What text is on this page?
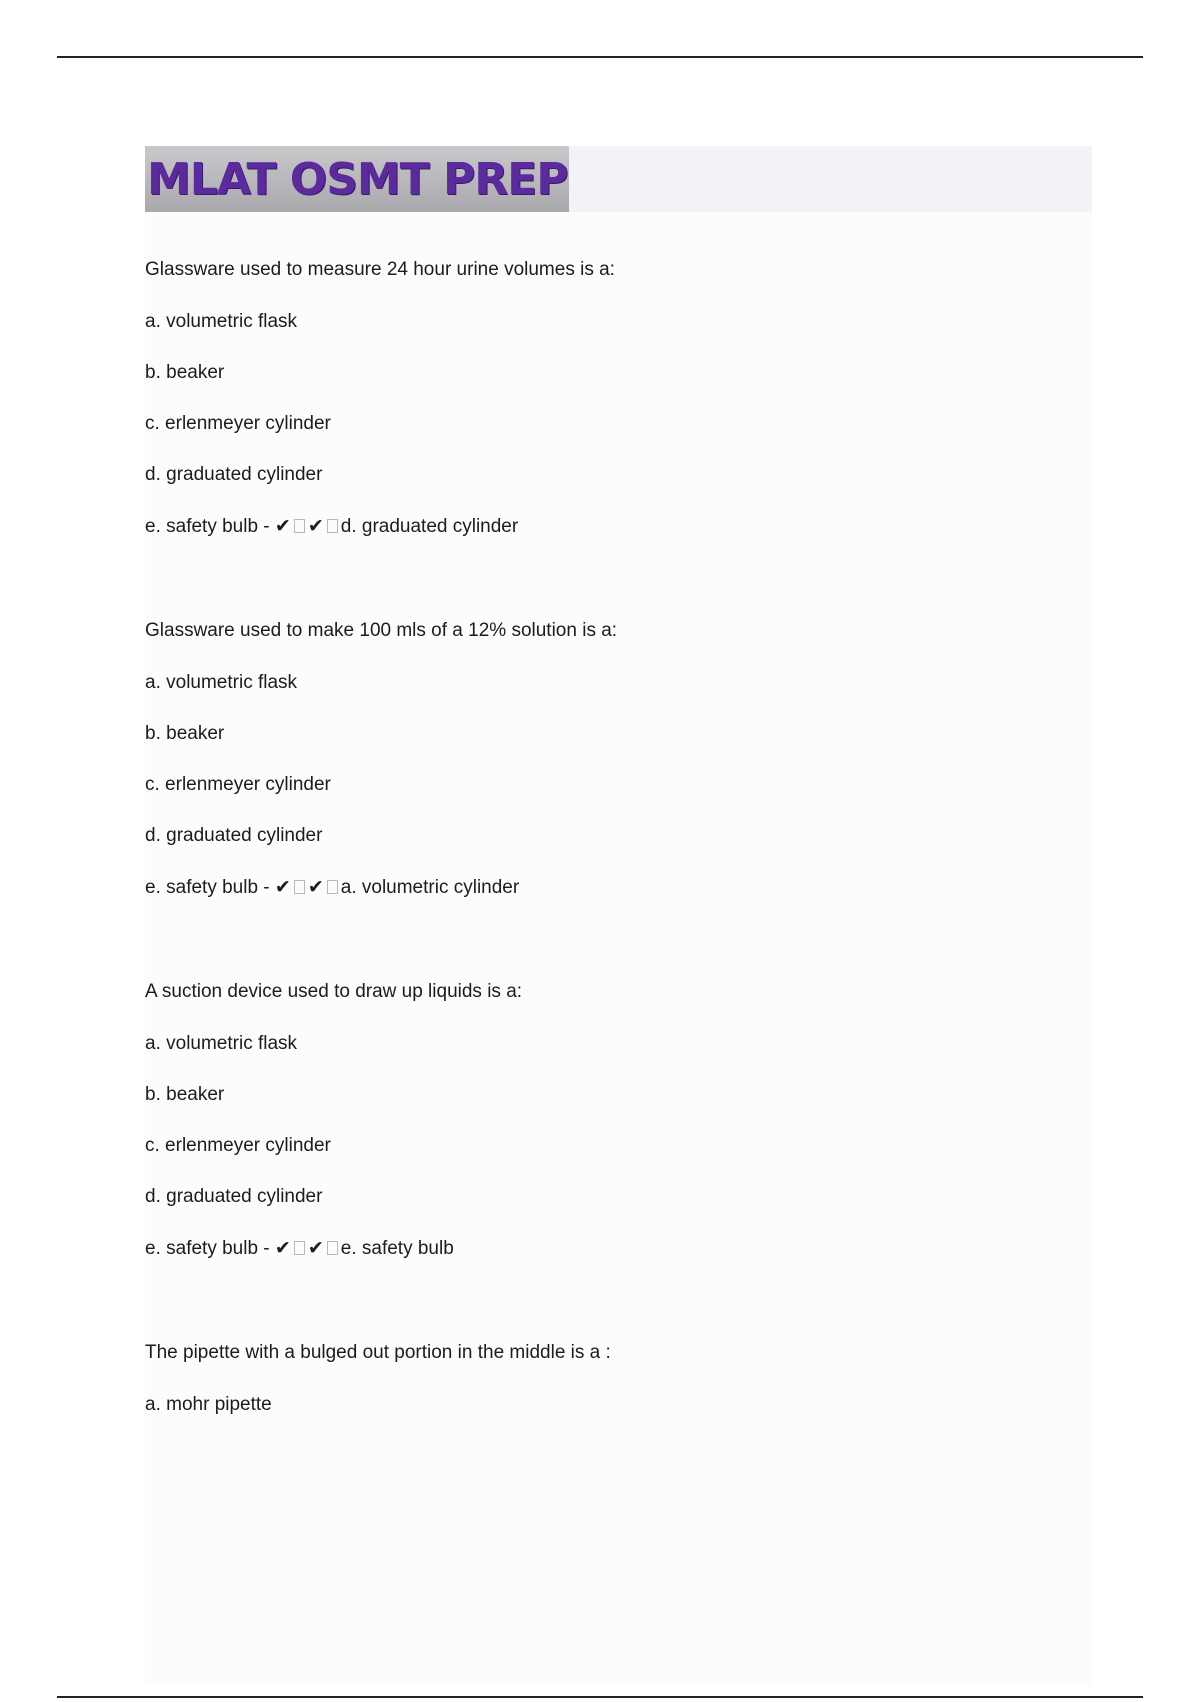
MLAT OSMT PREP
Glassware used to measure 24 hour urine volumes is a:
a. volumetric flask
b. beaker
c. erlenmeyer cylinder
d. graduated cylinder
e. safety bulb - ✔ ✔ d. graduated cylinder
Glassware used to make 100 mls of a 12% solution is a:
a. volumetric flask
b. beaker
c. erlenmeyer cylinder
d. graduated cylinder
e. safety bulb - ✔ ✔ a. volumetric cylinder
A suction device used to draw up liquids is a:
a. volumetric flask
b. beaker
c. erlenmeyer cylinder
d. graduated cylinder
e. safety bulb - ✔ ✔ e. safety bulb
The pipette with a bulged out portion in the middle is a :
a. mohr pipette
